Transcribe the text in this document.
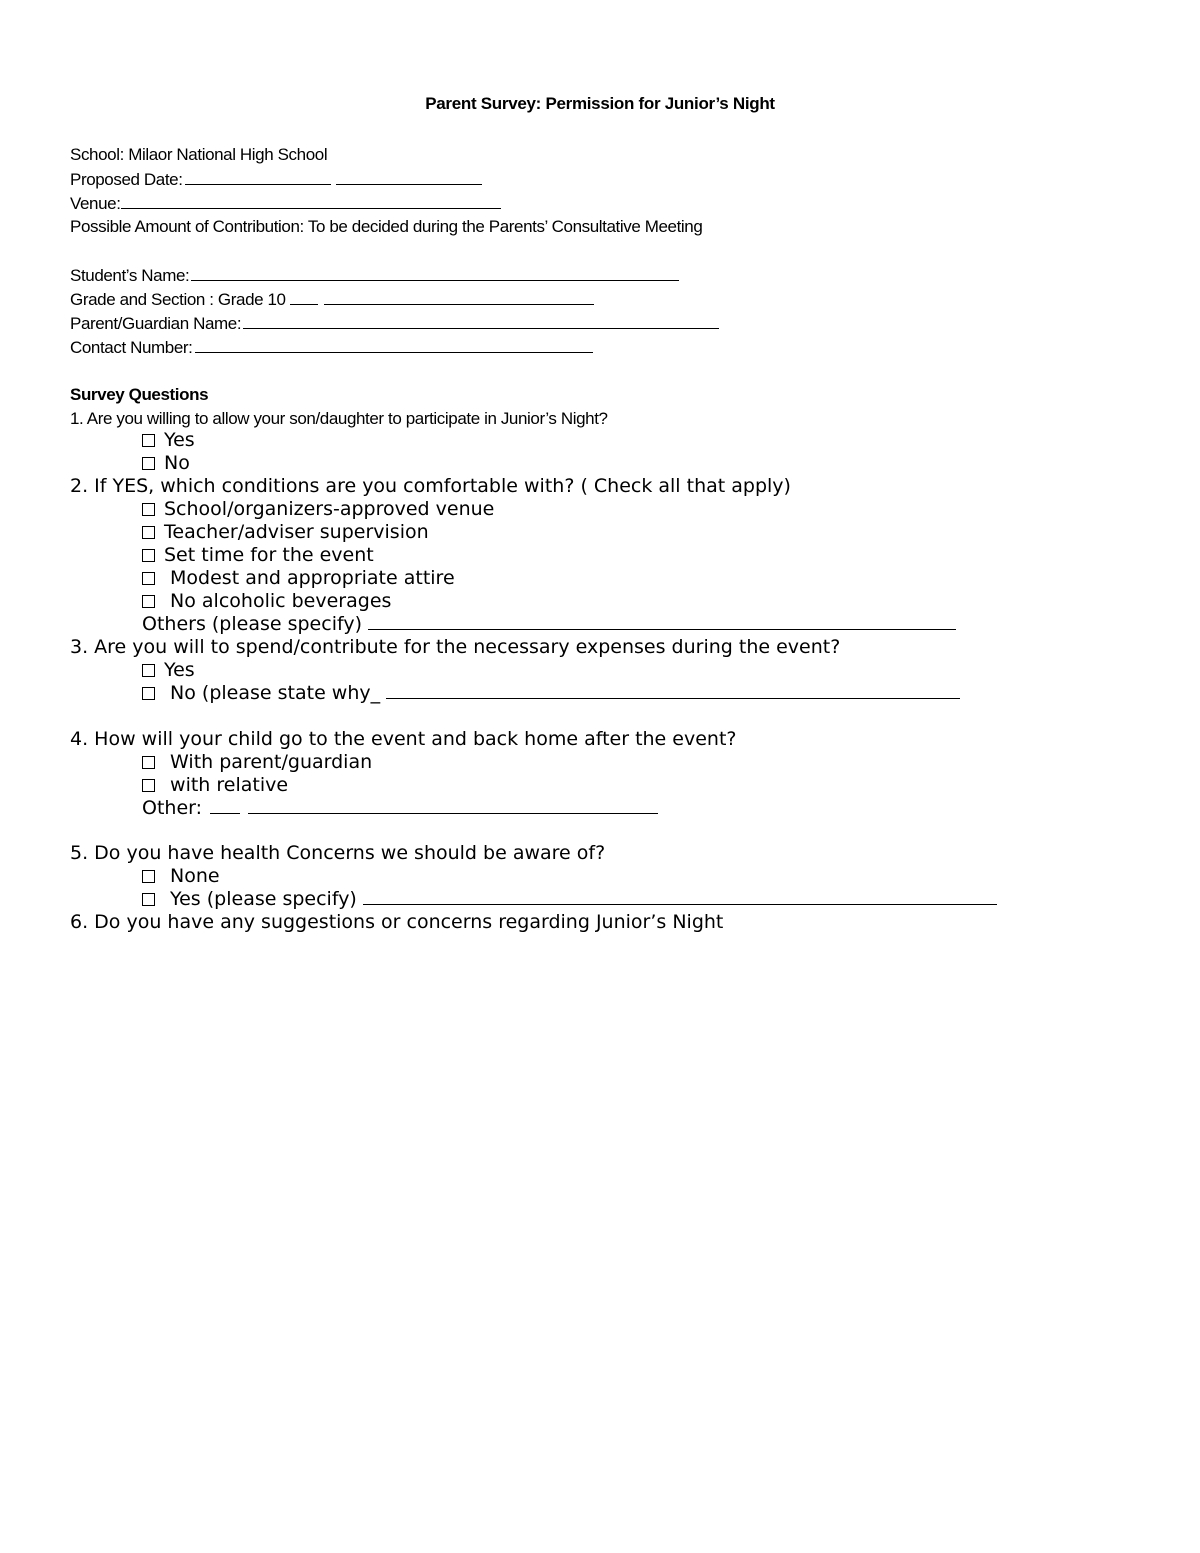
Parent Survey: Permission for Junior’s Night
School: Milaor National High School
Proposed Date:
Venue:
Possible Amount of Contribution: To be decided during the Parents’ Consultative Meeting
Student’s Name:
Grade and Section : Grade 10
Parent/Guardian Name:
Contact Number:
Survey Questions
1. Are you willing to allow your son/daughter to participate in Junior’s Night?
Yes
No
2. If YES, which conditions are you comfortable with? ( Check all that apply)
School/organizers-approved venue
Teacher/adviser supervision
Set time for the event
Modest and appropriate attire
No alcoholic beverages
Others (please specify)
3. Are you will to spend/contribute for the necessary expenses during the event?
Yes
No (please state why_
4. How will your child go to the event and back home after the event?
With parent/guardian
with relative
Other:
5. Do you have health Concerns we should be aware of?
None
Yes (please specify)
6. Do you have any suggestions or concerns regarding Junior’s Night
